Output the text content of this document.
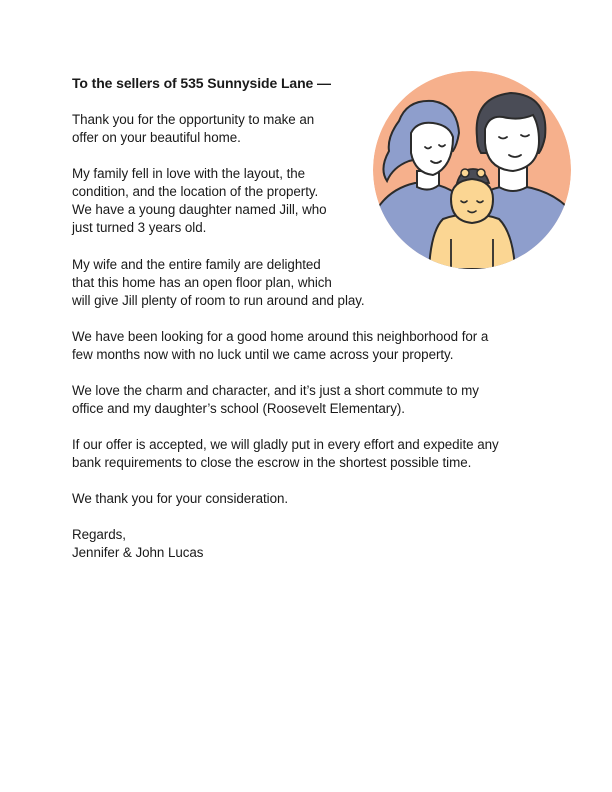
To the sellers of 535 Sunnyside Lane —

Thank you for the opportunity to make an
offer on your beautiful home.

My family fell in love with the layout, the
condition, and the location of the property.
We have a young daughter named Jill, who
just turned 3 years old.

My wife and the entire family are delighted
that this home has an open floor plan, which
will give Jill plenty of room to run around and play.

We have been looking for a good home around this neighborhood for a
few months now with no luck until we came across your property.

We love the charm and character, and it’s just a short commute to my
office and my daughter’s school (Roosevelt Elementary).

If our offer is accepted, we will gladly put in every effort and expedite any
bank requirements to close the escrow in the shortest possible time.

We thank you for your consideration.

Regards,
Jennifer & John Lucas
